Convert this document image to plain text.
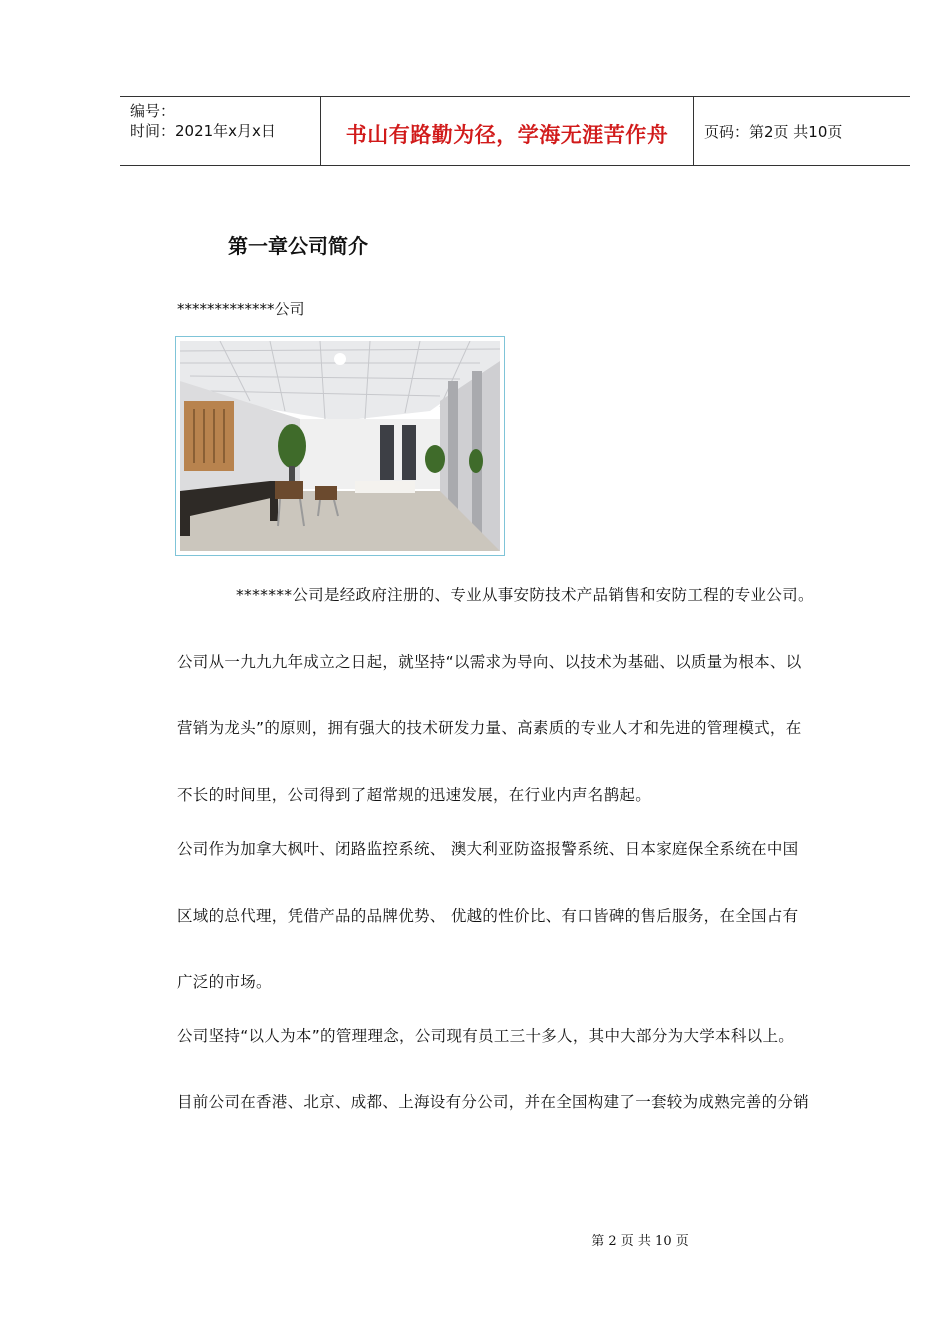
编号：
时间：2021年x月x日	书山有路勤为径，学海无涯苦作舟	页码：第2页 共10页
第一章公司简介
*************公司
*******公司是经政府注册的、专业从事安防技术产品销售和安防工程的专业公司。
公司从一九九九年成立之日起，就坚持“以需求为导向、以技术为基础、以质量为根本、以
营销为龙头”的原则，拥有强大的技术研发力量、高素质的专业人才和先进的管理模式，在
不长的时间里，公司得到了超常规的迅速发展，在行业内声名鹊起。
公司作为加拿大枫叶、闭路监控系统、 澳大利亚防盗报警系统、日本家庭保全系统在中国
区域的总代理，凭借产品的品牌优势、 优越的性价比、有口皆碑的售后服务，在全国占有
广泛的市场。
公司坚持“以人为本”的管理理念，公司现有员工三十多人，其中大部分为大学本科以上。
目前公司在香港、北京、成都、上海设有分公司，并在全国构建了一套较为成熟完善的分销
第 2 页 共 10 页
